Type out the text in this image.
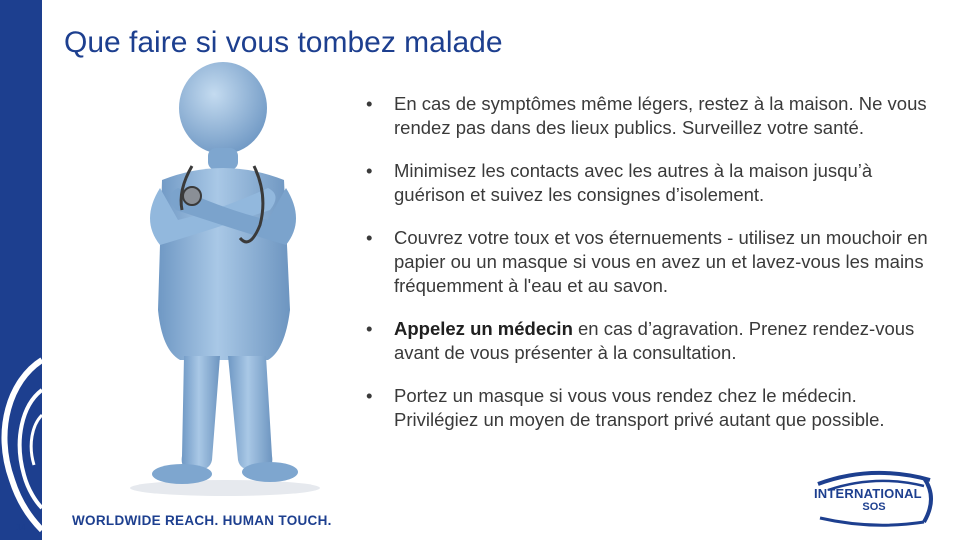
14
Que faire si vous tombez malade
• En cas de symptômes même légers, restez à la maison. Ne vous rendez pas dans des lieux publics. Surveillez votre santé.
• Minimisez les contacts avec les autres à la maison jusqu’à guérison et suivez les consignes d’isolement.
• Couvrez votre toux et vos éternuements - utilisez un mouchoir en papier ou un masque si vous en avez un et lavez-vous les mains fréquemment à l'eau et au savon.
• Appelez un médecin en cas d’agravation. Prenez rendez-vous avant de vous présenter à la consultation.
• Portez un masque si vous vous rendez chez le médecin. Privilégiez un moyen de transport privé autant que possible.
WORLDWIDE REACH. HUMAN TOUCH.
INTERNATIONAL
SOS
